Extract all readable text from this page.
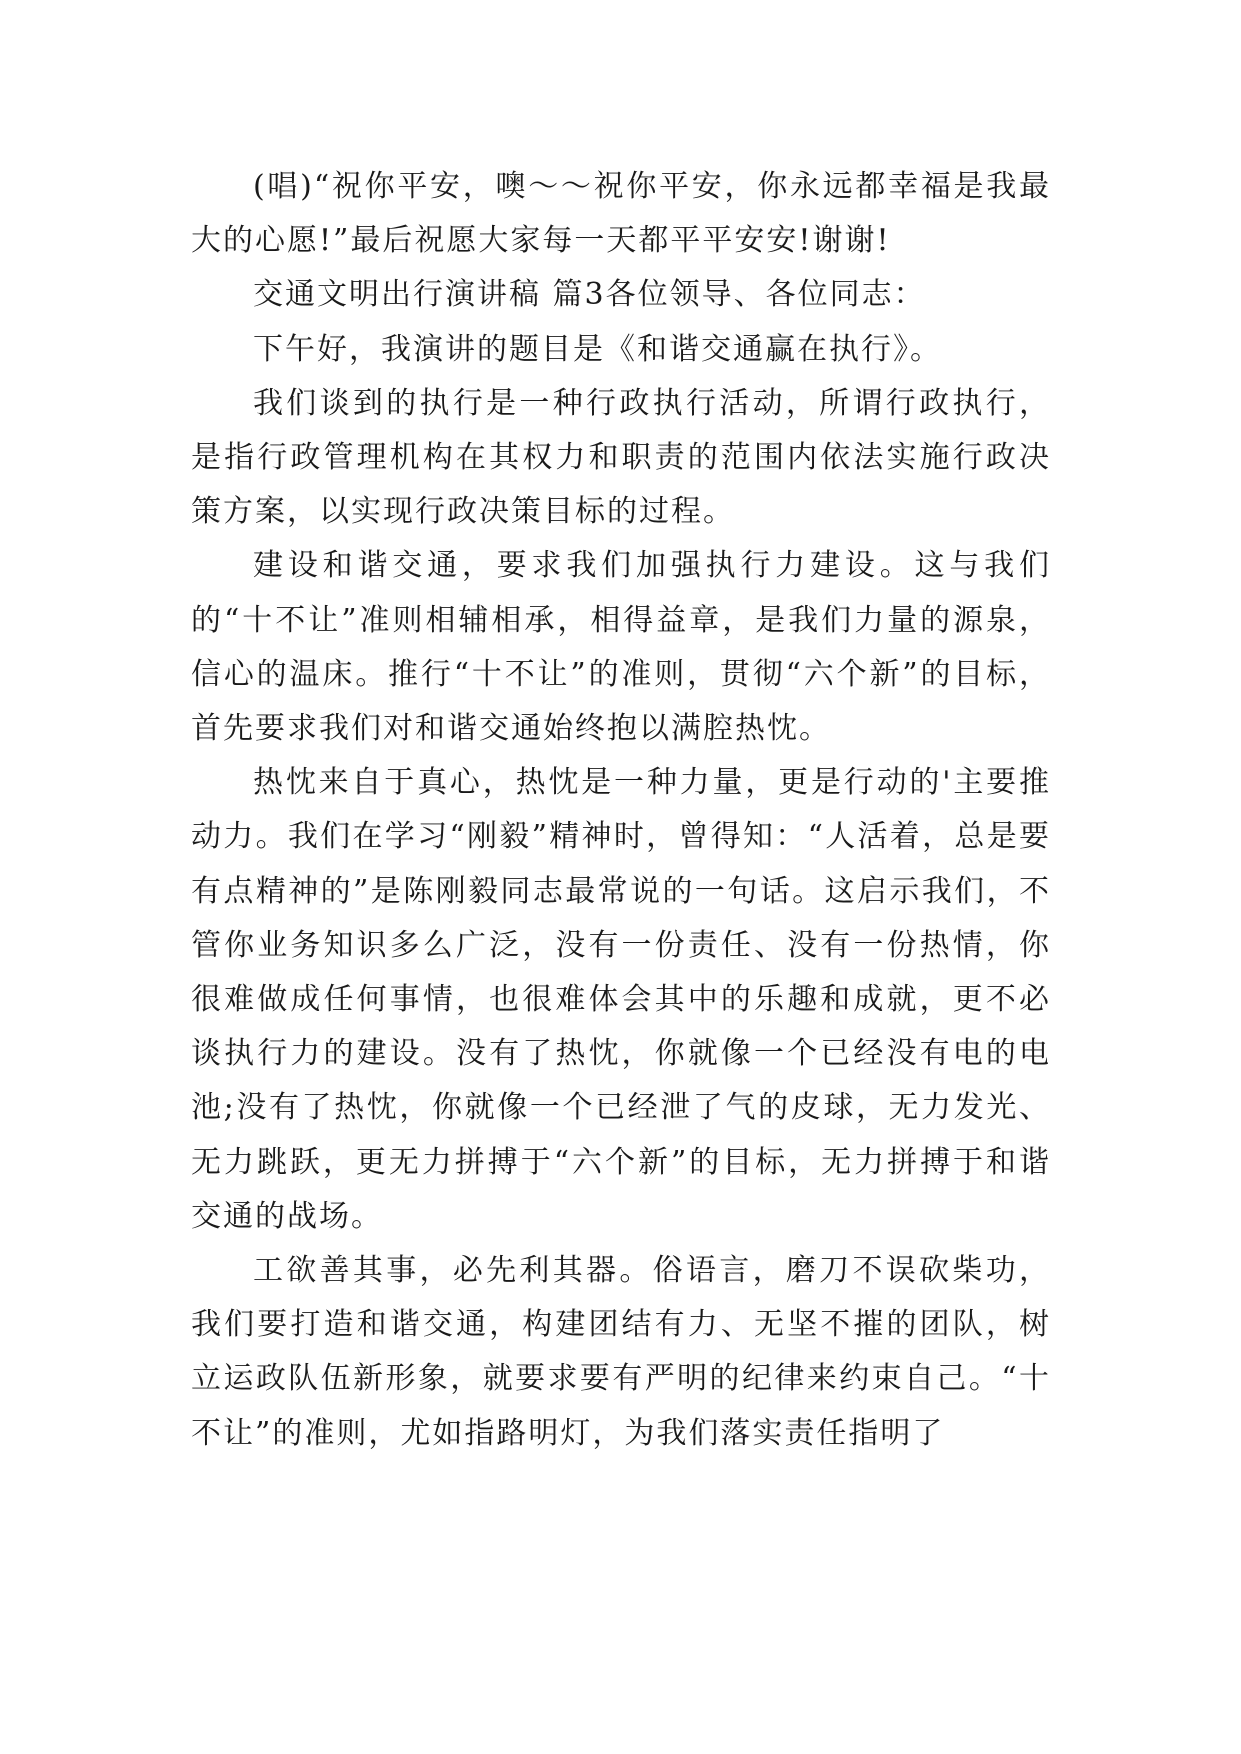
(唱)“祝你平安，噢～～祝你平安，你永远都幸福是我最大的心愿!”最后祝愿大家每一天都平平安安!谢谢!

交通文明出行演讲稿 篇3各位领导、各位同志：

下午好，我演讲的题目是《和谐交通赢在执行》。

我们谈到的执行是一种行政执行活动，所谓行政执行，是指行政管理机构在其权力和职责的范围内依法实施行政决策方案，以实现行政决策目标的过程。

建设和谐交通，要求我们加强执行力建设。这与我们的“十不让”准则相辅相承，相得益章，是我们力量的源泉，信心的温床。推行“十不让”的准则，贯彻“六个新”的目标，首先要求我们对和谐交通始终抱以满腔热忱。

热忱来自于真心，热忱是一种力量，更是行动的'主要推动力。我们在学习“刚毅”精神时，曾得知：“人活着，总是要有点精神的”是陈刚毅同志最常说的一句话。这启示我们，不管你业务知识多么广泛，没有一份责任、没有一份热情，你很难做成任何事情，也很难体会其中的乐趣和成就，更不必谈执行力的建设。没有了热忱，你就像一个已经没有电的电池;没有了热忱，你就像一个已经泄了气的皮球，无力发光、无力跳跃，更无力拼搏于“六个新”的目标，无力拼搏于和谐交通的战场。

工欲善其事，必先利其器。俗语言，磨刀不误砍柴功，我们要打造和谐交通，构建团结有力、无坚不摧的团队，树立运政队伍新形象，就要求要有严明的纪律来约束自己。“十不让”的准则，尤如指路明灯，为我们落实责任指明了
